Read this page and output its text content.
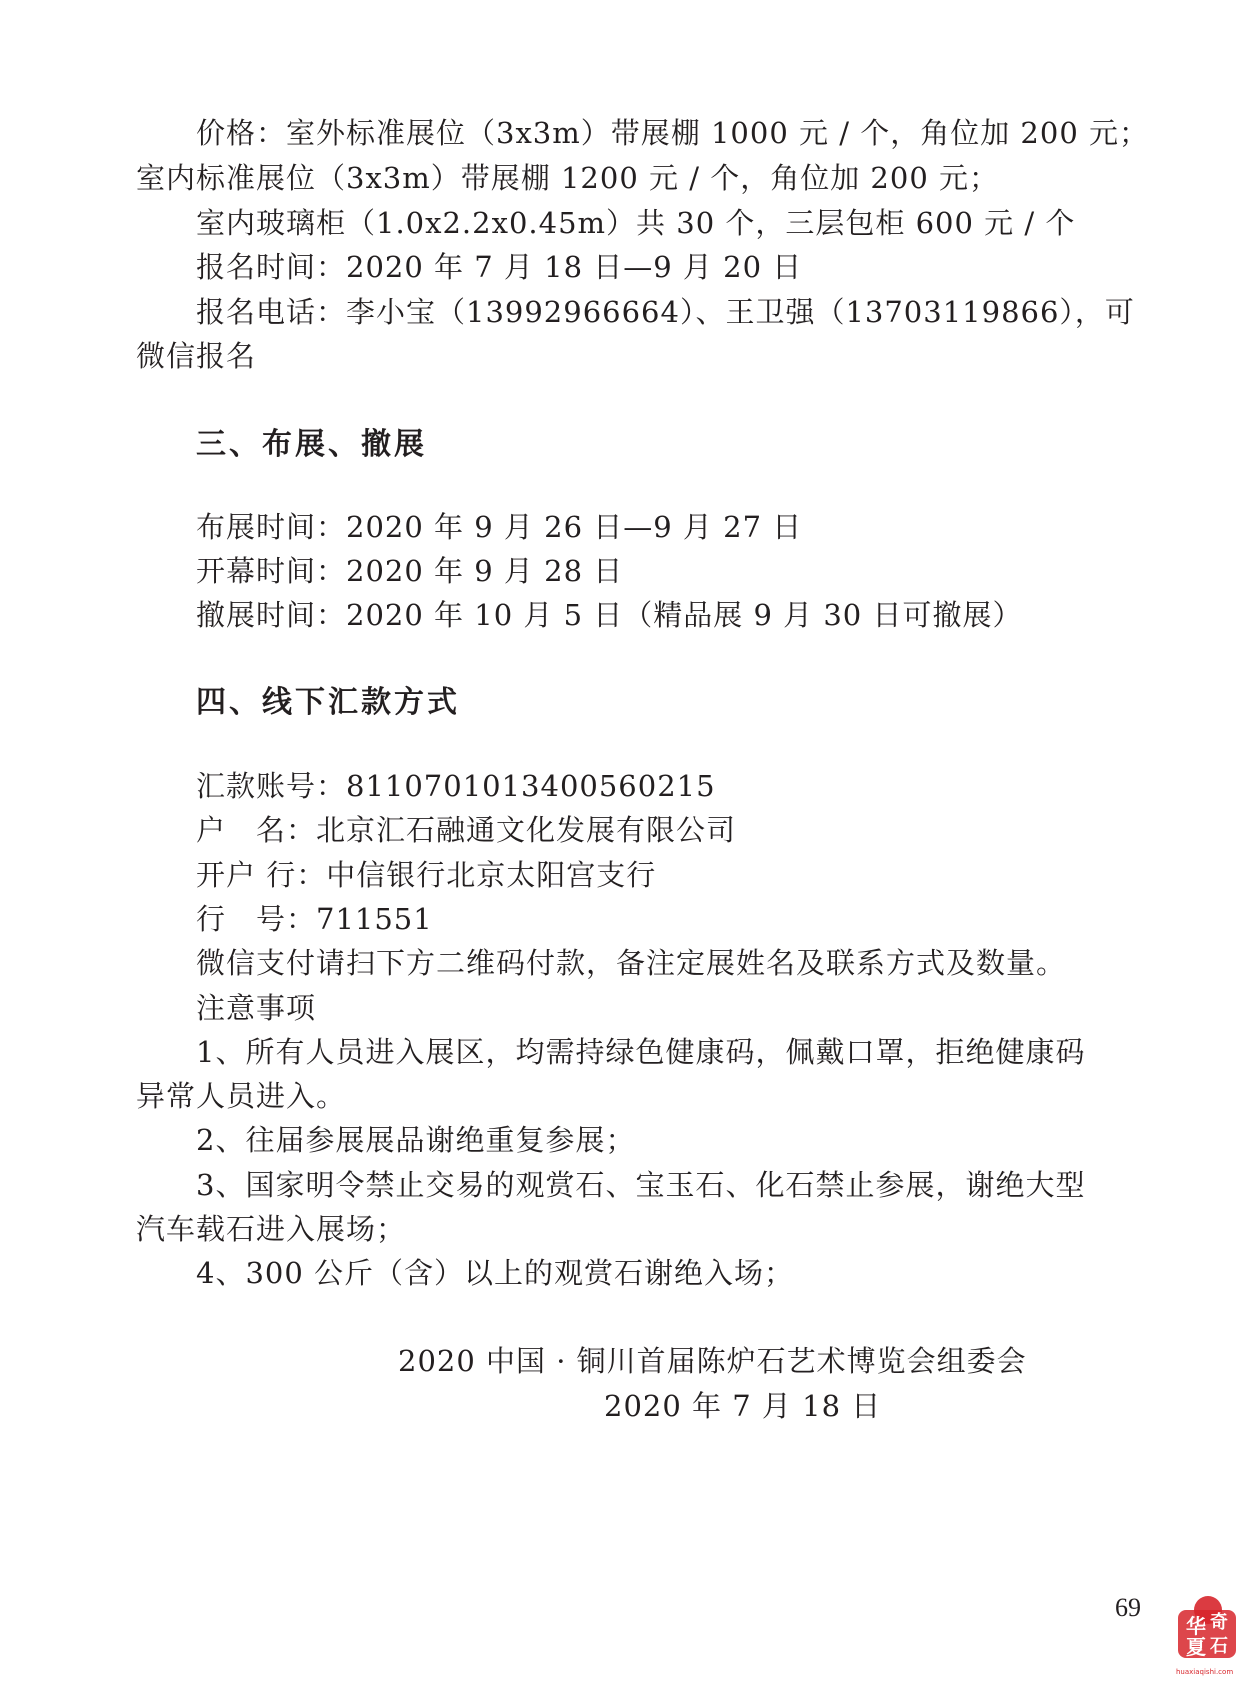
价格：室外标准展位（3x3m）带展棚 1000 元 / 个，角位加 200 元；
室内标准展位（3x3m）带展棚 1200 元 / 个，角位加 200 元；
室内玻璃柜（1.0x2.2x0.45m）共 30 个，三层包柜 600 元 / 个
报名时间：2020 年 7 月 18 日—9 月 20 日
报名电话：李小宝（13992966664）、王卫强（13703119866），可
微信报名
三、布展、撤展
布展时间：2020 年 9 月 26 日—9 月 27 日
开幕时间：2020 年 9 月 28 日
撤展时间：2020 年 10 月 5 日（精品展 9 月 30 日可撤展）
四、线下汇款方式
汇款账号：8110701013400560215
户　名：北京汇石融通文化发展有限公司
开户 行：中信银行北京太阳宫支行
行　号：711551
微信支付请扫下方二维码付款，备注定展姓名及联系方式及数量。
注意事项
1、所有人员进入展区，均需持绿色健康码，佩戴口罩，拒绝健康码
异常人员进入。
2、往届参展展品谢绝重复参展；
3、国家明令禁止交易的观赏石、宝玉石、化石禁止参展，谢绝大型
汽车载石进入展场；
4、300 公斤（含）以上的观赏石谢绝入场；
2020 中国 · 铜川首届陈炉石艺术博览会组委会
2020 年 7 月 18 日
69
华 奇
夏 石
huaxiaqishi.com
